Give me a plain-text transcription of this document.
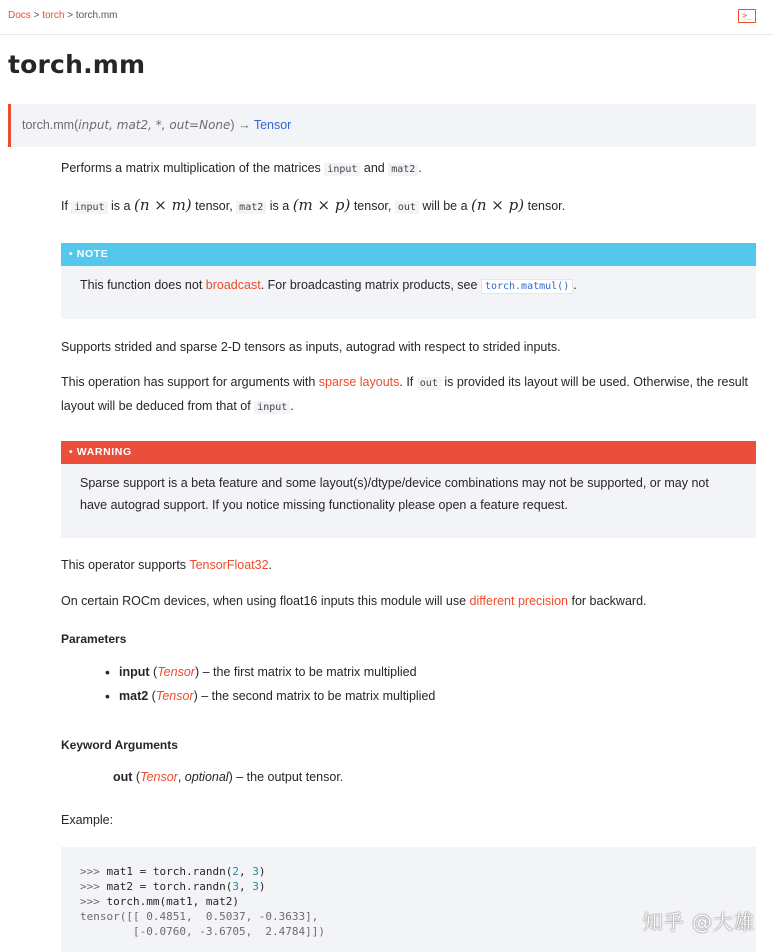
Docs > torch > torch.mm	>_
torch.mm
torch.mm(input, mat2, *, out=None) → Tensor
Performs a matrix multiplication of the matrices input and mat2 .
If input is a (n × m) tensor, mat2 is a (m × p) tensor, out will be a (n × p) tensor.
• NOTE
This function does not broadcast. For broadcasting matrix products, see torch.matmul() .
Supports strided and sparse 2-D tensors as inputs, autograd with respect to strided inputs.
This operation has support for arguments with sparse layouts. If out is provided its layout will be used. Otherwise, the result layout will be deduced from that of input .
• WARNING
Sparse support is a beta feature and some layout(s)/dtype/device combinations may not be supported, or may not have autograd support. If you notice missing functionality please open a feature request.
This operator supports TensorFloat32.
On certain ROCm devices, when using float16 inputs this module will use different precision for backward.
Parameters
• input (Tensor) – the first matrix to be matrix multiplied
• mat2 (Tensor) – the second matrix to be matrix multiplied
Keyword Arguments
out (Tensor, optional) – the output tensor.
Example:
>>> mat1 = torch.randn(2, 3)
>>> mat2 = torch.randn(3, 3)
>>> torch.mm(mat1, mat2)
tensor([[ 0.4851,  0.5037, -0.3633],
[-0.0760, -3.6705,  2.4784]])	知乎 @大雄
